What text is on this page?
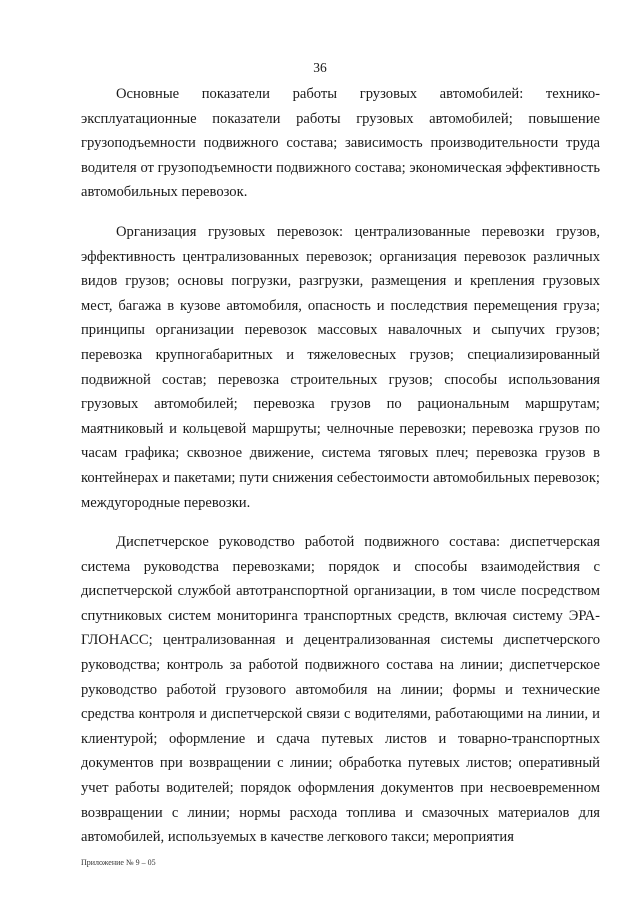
36

Основные показатели работы грузовых автомобилей: технико-эксплуатационные показатели работы грузовых автомобилей; повышение грузоподъемности подвижного состава; зависимость производительности труда водителя от грузоподъемности подвижного состава; экономическая эффективность автомобильных перевозок.

Организация грузовых перевозок: централизованные перевозки грузов, эффективность централизованных перевозок; организация перевозок различных видов грузов; основы погрузки, разгрузки, размещения и крепления грузовых мест, багажа в кузове автомобиля, опасность и последствия перемещения груза; принципы организации перевозок массовых навалочных и сыпучих грузов; перевозка крупногабаритных и тяжеловесных грузов; специализированный подвижной состав; перевозка строительных грузов; способы использования грузовых автомобилей; перевозка грузов по рациональным маршрутам; маятниковый и кольцевой маршруты; челночные перевозки; перевозка грузов по часам графика; сквозное движение, система тяговых плеч; перевозка грузов в контейнерах и пакетами; пути снижения себестоимости автомобильных перевозок; междугородные перевозки.

Диспетчерское руководство работой подвижного состава: диспетчерская система руководства перевозками; порядок и способы взаимодействия с диспетчерской службой автотранспортной организации, в том числе посредством спутниковых систем мониторинга транспортных средств, включая систему ЭРА-ГЛОНАСС; централизованная и децентрализованная системы диспетчерского руководства; контроль за работой подвижного состава на линии; диспетчерское руководство работой грузового автомобиля на линии; формы и технические средства контроля и диспетчерской связи с водителями, работающими на линии, и клиентурой; оформление и сдача путевых листов и товарно-транспортных документов при возвращении с линии; обработка путевых листов; оперативный учет работы водителей; порядок оформления документов при несвоевременном возвращении с линии; нормы расхода топлива и смазочных материалов для автомобилей, используемых в качестве легкового такси; мероприятия

Приложение № 9 – 05
